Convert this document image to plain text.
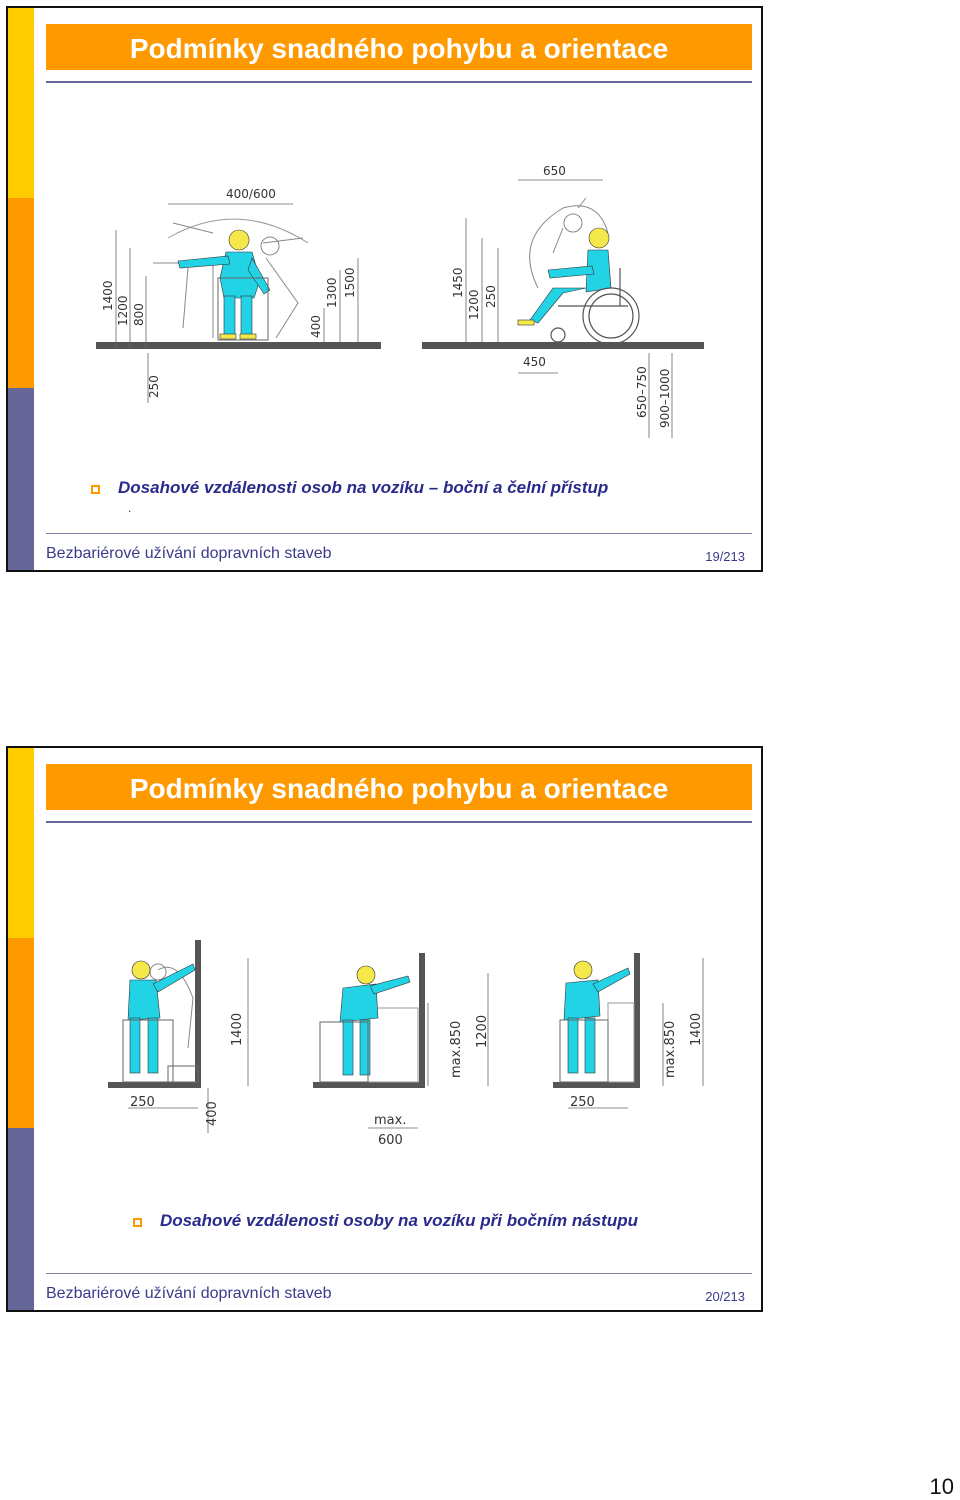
Podmínky snadného pohybu a orientace
400/600
1400 1200 800
250
400
1300 1500
650
1450
1200 250
450
650–750 900–1000
Dosahové vzdálenosti osob na vozíku – boční a čelní přístup
.
Bezbariérové užívání dopravních staveb	19/213
Podmínky snadného pohybu a orientace
1400
250	400
max.850 1200
max.
600
max.850 1400
250
Dosahové vzdálenosti osoby na vozíku při bočním nástupu
Bezbariérové užívání dopravních staveb	20/213
10
